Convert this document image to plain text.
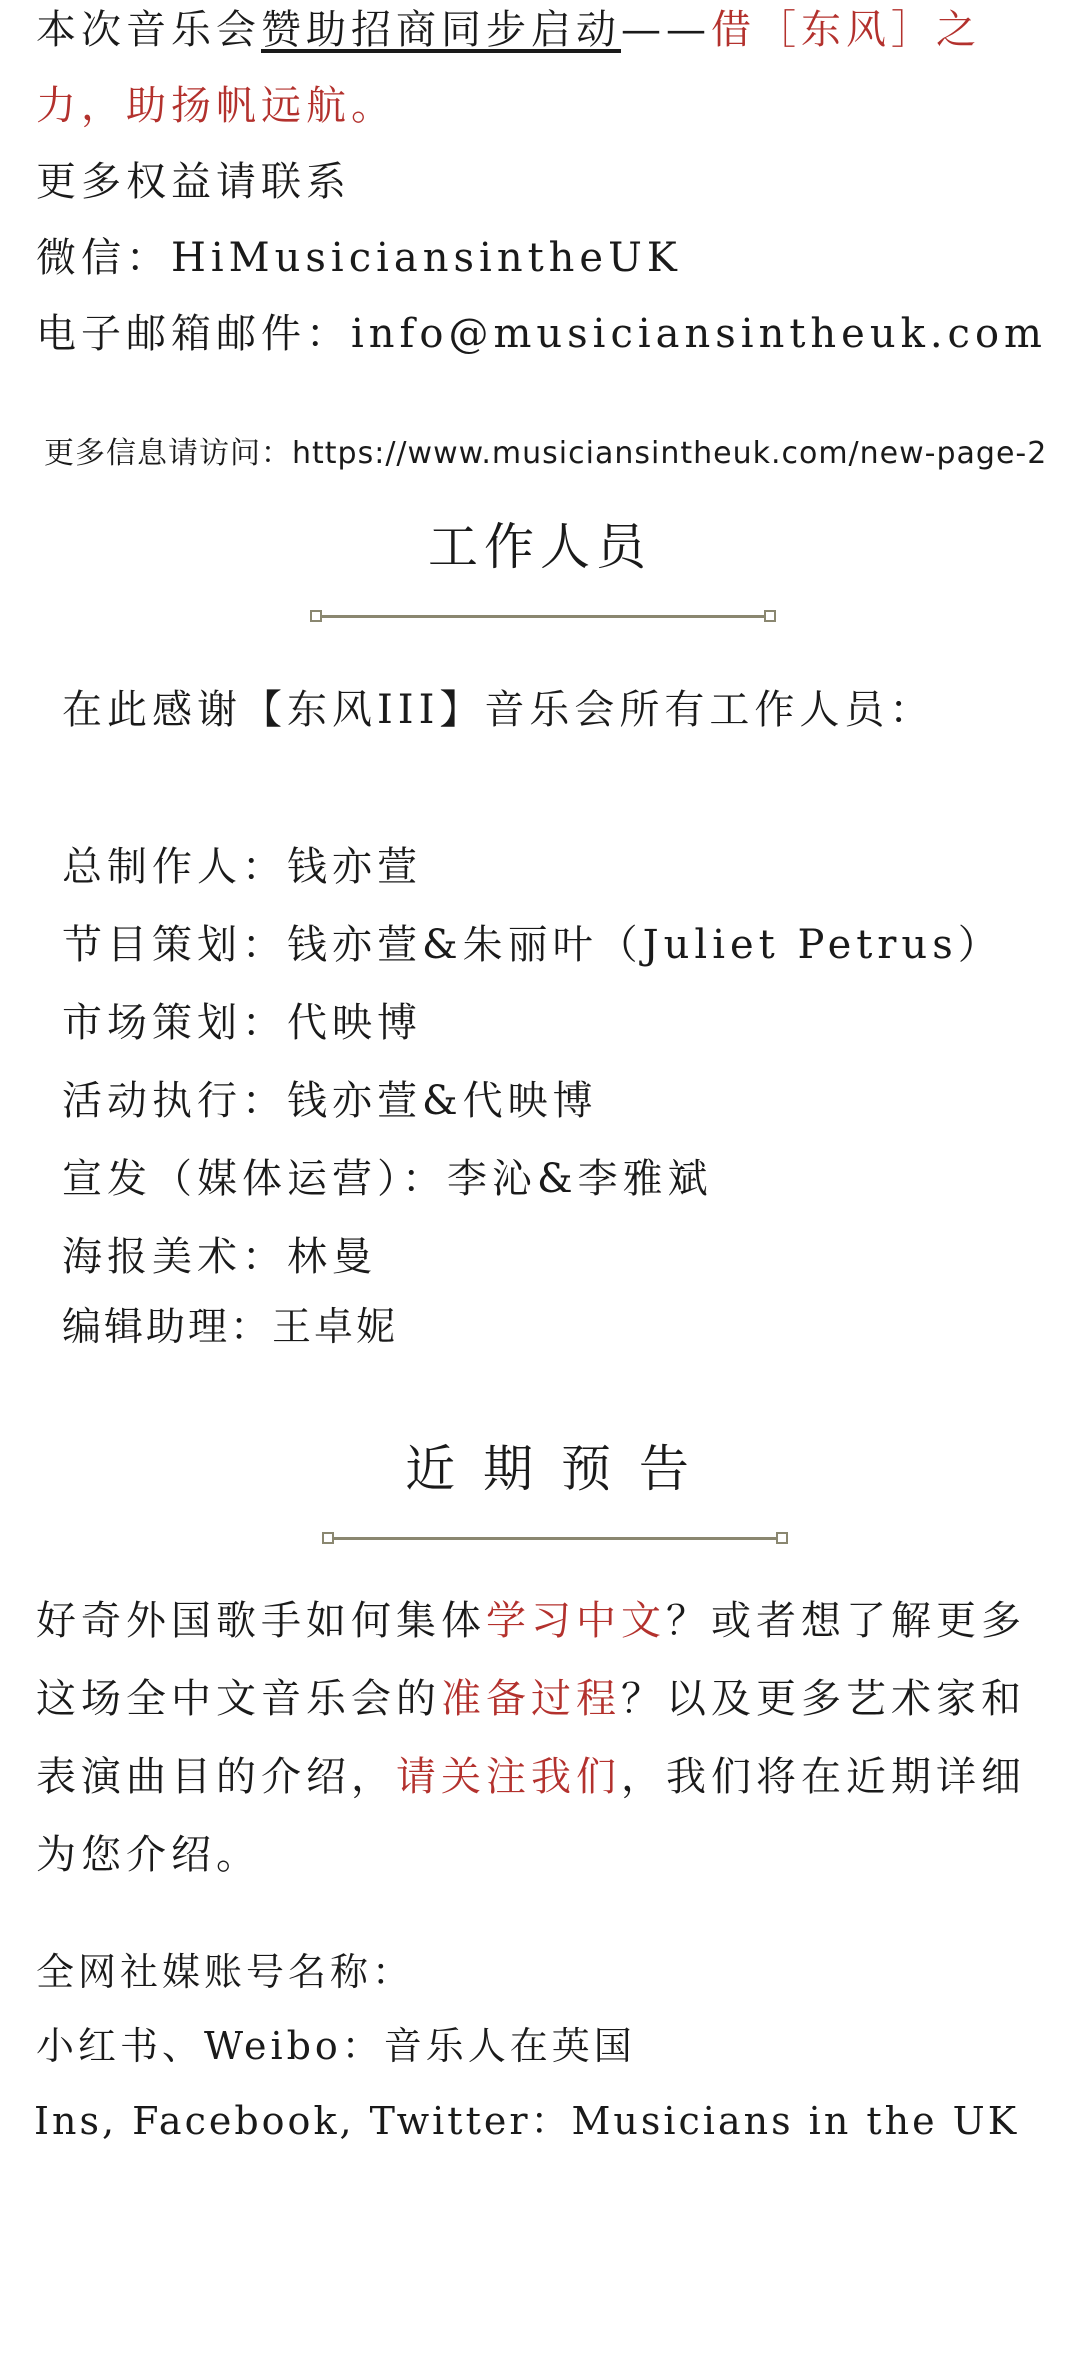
本次音乐会赞助招商同步启动——借［东风］之
力，助扬帆远航。
更多权益请联系
微信：HiMusiciansintheUK
电子邮箱邮件：info@musiciansintheuk.com
更多信息请访问：https://www.musiciansintheuk.com/new-page-2
工作人员
在此感谢【东风III】音乐会所有工作人员：
总制作人：钱亦萱
节目策划：钱亦萱&朱丽叶（Juliet Petrus）
市场策划：代映博
活动执行：钱亦萱&代映博
宣发（媒体运营）：李沁&李雅斌
海报美术：林曼
编辑助理：王卓妮
近 期 预 告
好奇外国歌手如何集体学习中文？或者想了解更多这场全中文音乐会的准备过程？以及更多艺术家和表演曲目的介绍，请关注我们，我们将在近期详细为您介绍。
全网社媒账号名称：
小红书、Weibo：音乐人在英国
Ins, Facebook, Twitter：Musicians in the UK
